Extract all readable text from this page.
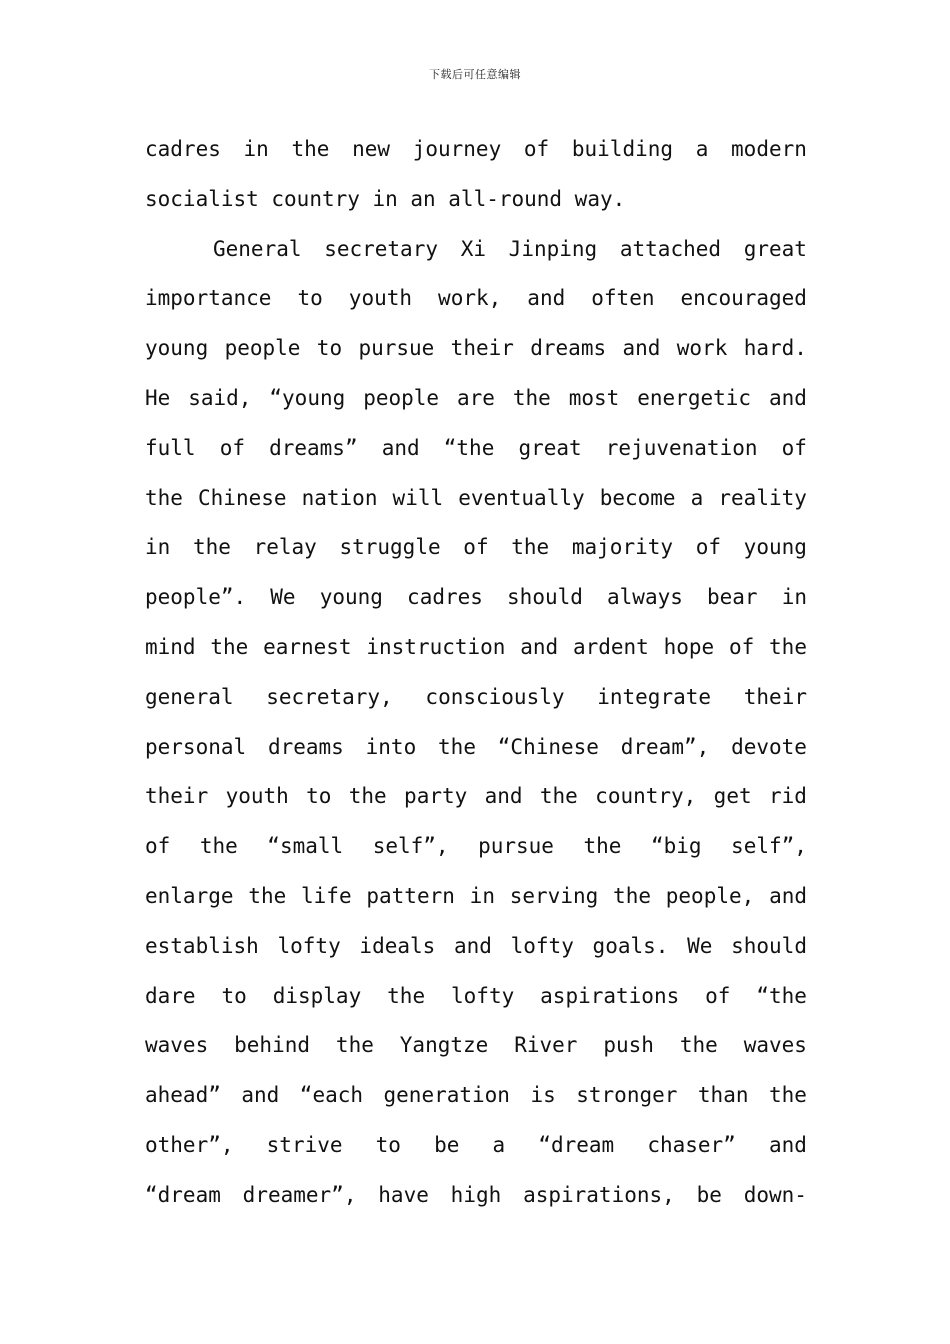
下载后可任意编辑
cadres in the new journey of building a modern
socialist country in an all-round way.
General secretary Xi Jinping attached great
importance to youth work, and often encouraged
young people to pursue their dreams and work hard.
He said, “young people are the most energetic and
full of dreams” and “the great rejuvenation of
the Chinese nation will eventually become a reality
in the relay struggle of the majority of young
people”. We young cadres should always bear in
mind the earnest instruction and ardent hope of the
general secretary, consciously integrate their
personal dreams into the “Chinese dream”, devote
their youth to the party and the country, get rid
of the “small self”, pursue the “big self”,
enlarge the life pattern in serving the people, and
establish lofty ideals and lofty goals. We should
dare to display the lofty aspirations of “the
waves behind the Yangtze River push the waves
ahead” and “each generation is stronger than the
other”, strive to be a “dream chaser” and
“dream dreamer”, have high aspirations, be down-
